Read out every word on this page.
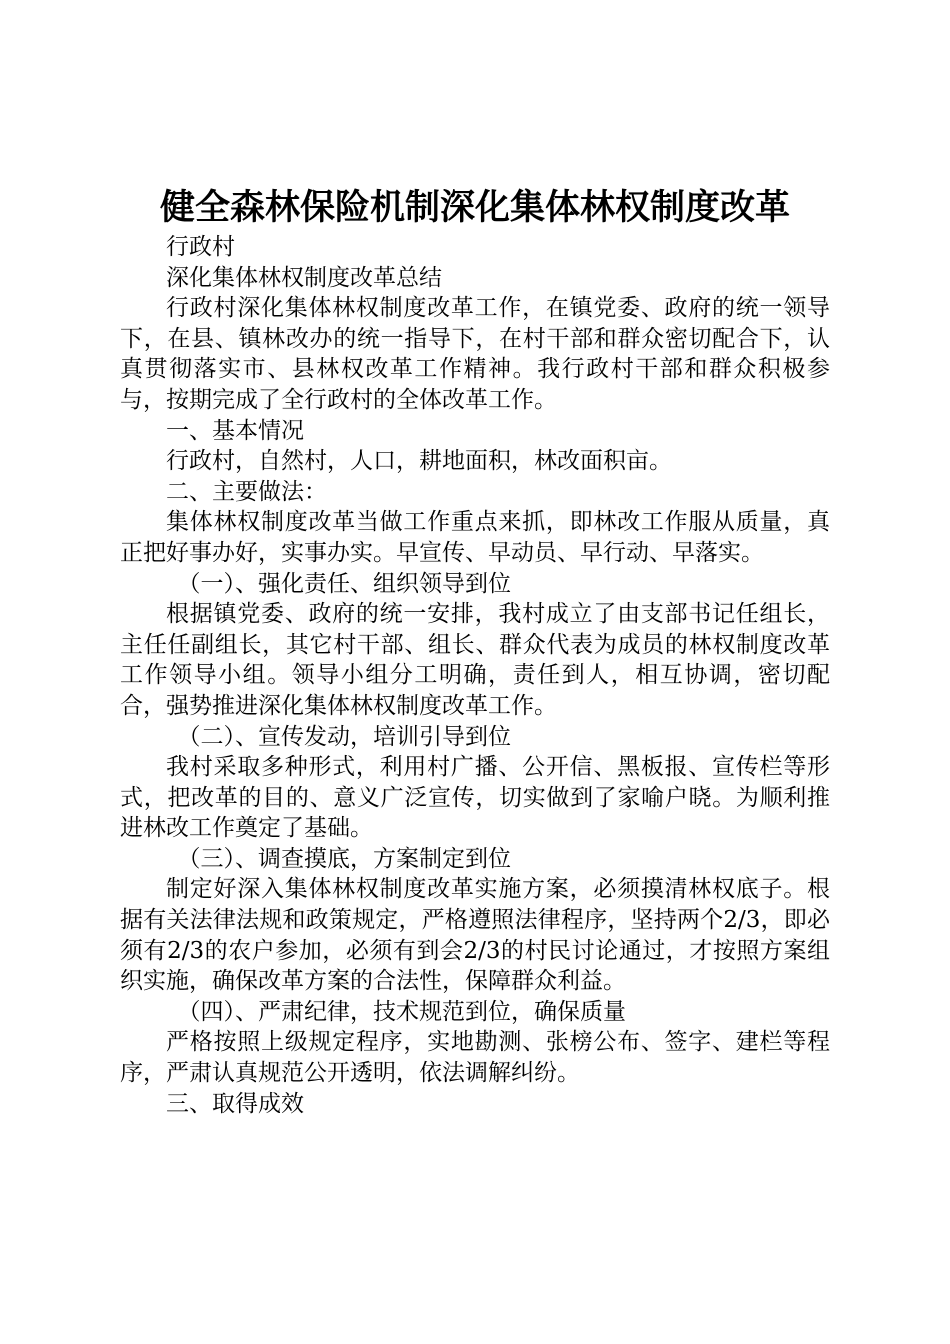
健全森林保险机制深化集体林权制度改革

行政村

深化集体林权制度改革总结

行政村深化集体林权制度改革工作，在镇党委、政府的统一领导下，在县、镇林改办的统一指导下，在村干部和群众密切配合下，认真贯彻落实市、县林权改革工作精神。我行政村干部和群众积极参与，按期完成了全行政村的全体改革工作。

一、基本情况

行政村，自然村，人口，耕地面积，林改面积亩。

二、主要做法：

集体林权制度改革当做工作重点来抓，即林改工作服从质量，真正把好事办好，实事办实。早宣传、早动员、早行动、早落实。

（一）、强化责任、组织领导到位

根据镇党委、政府的统一安排，我村成立了由支部书记任组长，主任任副组长，其它村干部、组长、群众代表为成员的林权制度改革工作领导小组。领导小组分工明确，责任到人，相互协调，密切配合，强势推进深化集体林权制度改革工作。

（二）、宣传发动，培训引导到位

我村采取多种形式，利用村广播、公开信、黑板报、宣传栏等形式，把改革的目的、意义广泛宣传，切实做到了家喻户晓。为顺利推进林改工作奠定了基础。

（三）、调查摸底，方案制定到位

制定好深入集体林权制度改革实施方案，必须摸清林权底子。根据有关法律法规和政策规定，严格遵照法律程序，坚持两个2/3，即必须有2/3的农户参加，必须有到会2/3的村民讨论通过，才按照方案组织实施，确保改革方案的合法性，保障群众利益。

（四）、严肃纪律，技术规范到位，确保质量

严格按照上级规定程序，实地勘测、张榜公布、签字、建栏等程序，严肃认真规范公开透明，依法调解纠纷。

三、取得成效
